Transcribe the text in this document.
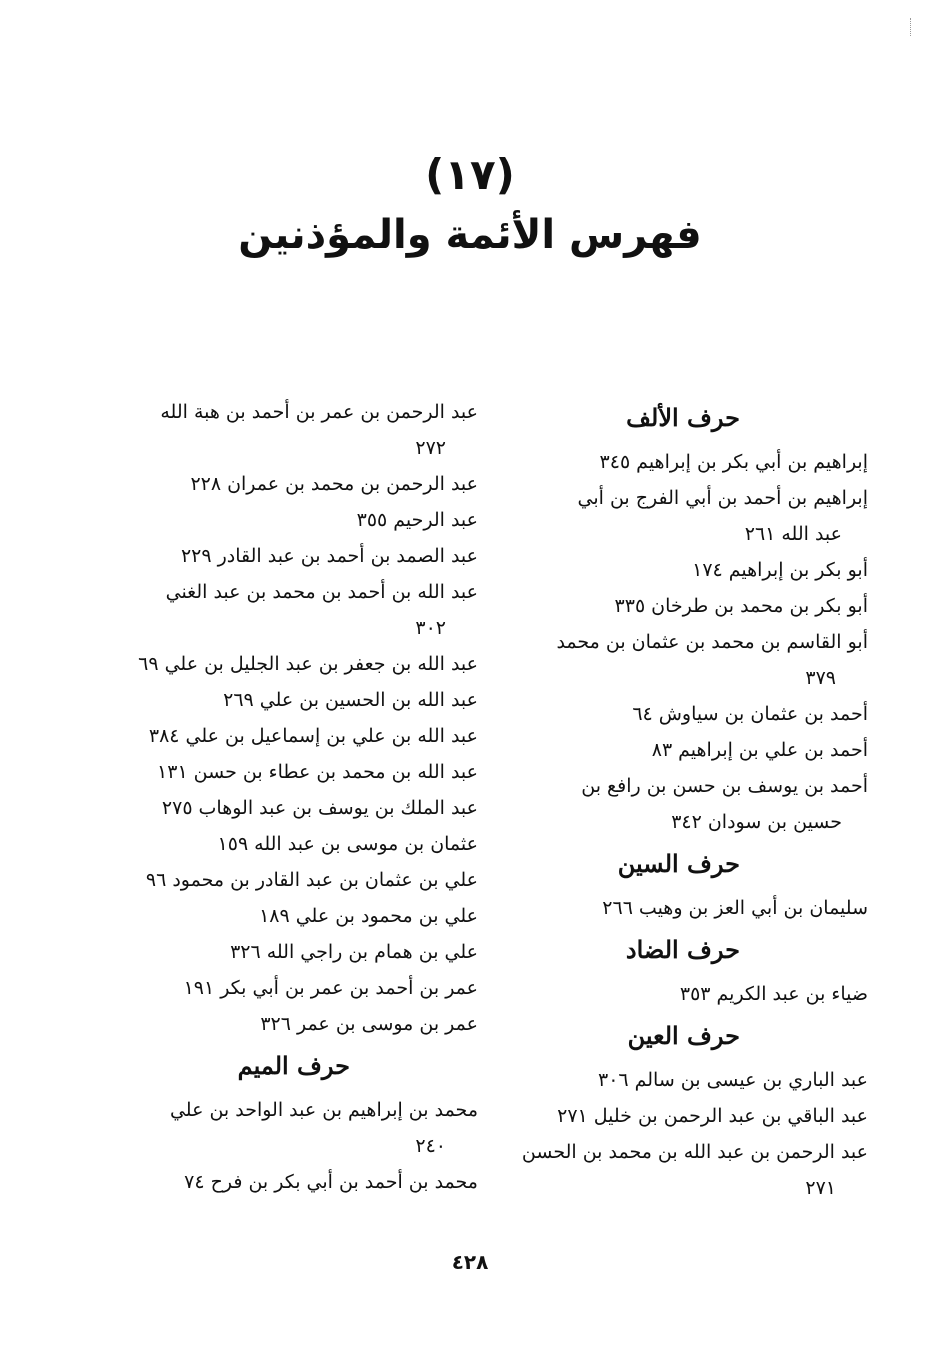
(١٧)
فهرس الأئمة والمؤذنين
حرف الألف
إبراهيم بن أبي بكر بن إبراهيم٣٤٥
إبراهيم بن أحمد بن أبي الفرج بن أبي
عبد الله٢٦١
أبو بكر بن إبراهيم١٧٤
أبو بكر بن محمد بن طرخان٣٣٥
أبو القاسم بن محمد بن عثمان بن محمد
٣٧٩
أحمد بن عثمان بن سياوش٦٤
أحمد بن علي بن إبراهيم٨٣
أحمد بن يوسف بن حسن بن رافع بن
حسين بن سودان٣٤٢
حرف السين
سليمان بن أبي العز بن وهيب٢٦٦
حرف الضاد
ضياء بن عبد الكريم٣٥٣
حرف العين
عبد الباري بن عيسى بن سالم٣٠٦
عبد الباقي بن عبد الرحمن بن خليل٢٧١
عبد الرحمن بن عبد الله بن محمد بن الحسن
٢٧١
عبد الرحمن بن عمر بن أحمد بن هبة الله
٢٧٢
عبد الرحمن بن محمد بن عمران٢٢٨
عبد الرحيم٣٥٥
عبد الصمد بن أحمد بن عبد القادر٢٢٩
عبد الله بن أحمد بن محمد بن عبد الغني
٣٠٢
عبد الله بن جعفر بن عبد الجليل بن علي٦٩
عبد الله بن الحسين بن علي٢٦٩
عبد الله بن علي بن إسماعيل بن علي٣٨٤
عبد الله بن محمد بن عطاء بن حسن١٣١
عبد الملك بن يوسف بن عبد الوهاب٢٧٥
عثمان بن موسى بن عبد الله١٥٩
علي بن عثمان بن عبد القادر بن محمود٩٦
علي بن محمود بن علي١٨٩
علي بن همام بن راجي الله٣٢٦
عمر بن أحمد بن عمر بن أبي بكر١٩١
عمر بن موسى بن عمر٣٢٦
حرف الميم
محمد بن إبراهيم بن عبد الواحد بن علي
٢٤٠
محمد بن أحمد بن أبي بكر بن فرح٧٤
٤٢٨
